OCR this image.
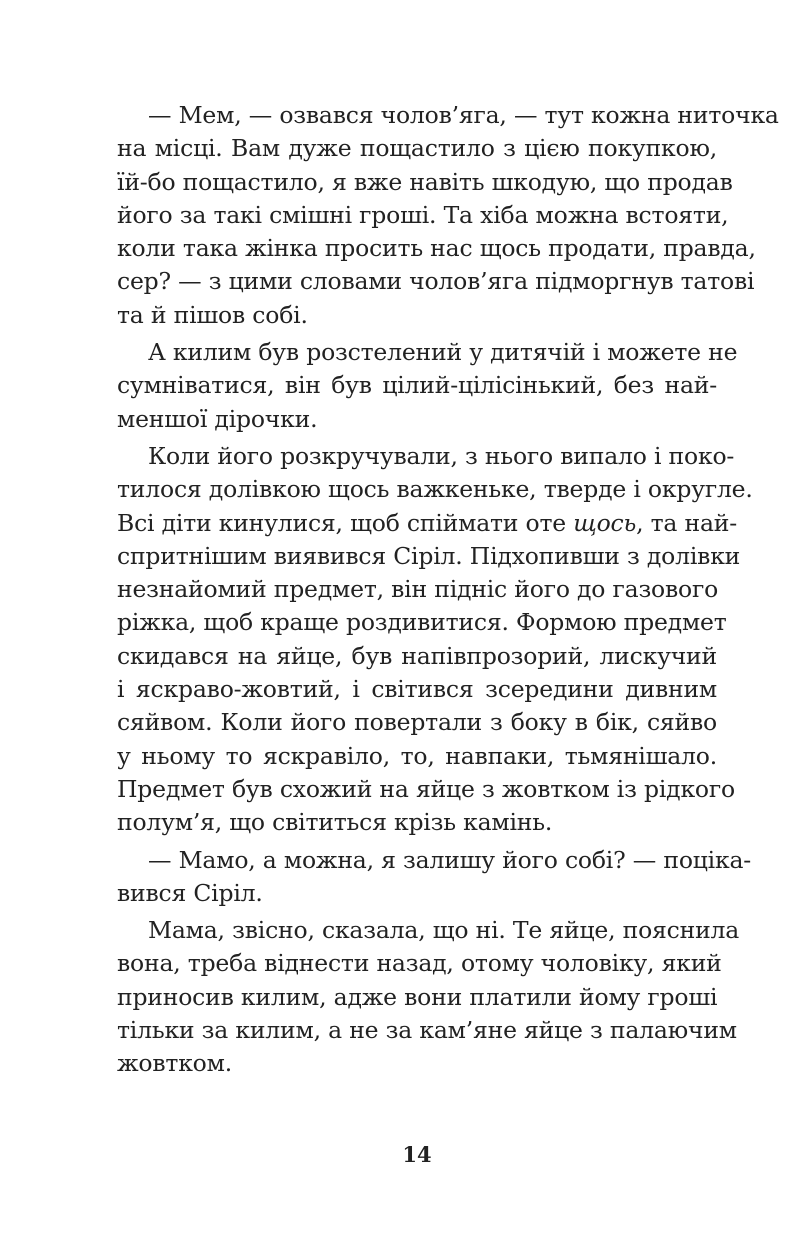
— Мем, — озвався чолов’яга, — тут кожна ниточка
на місці. Вам дуже пощастило з цією покупкою,
їй-бо пощастило, я вже навіть шкодую, що продав
його за такі смішні гроші. Та хіба можна встояти,
коли така жінка просить нас щось продати, правда,
сер? — з цими словами чолов’яга підморгнув татові
та й пішов собі.
А килим був розстелений у дитячій і можете не
сумніватися, він був цілий-цілісінький, без най-
меншої дірочки.
Коли його розкручували, з нього випало і поко-
тилося долівкою щось важкеньке, тверде і округле.
Всі діти кинулися, щоб спіймати оте щось, та най-
спритнішим виявився Сіріл. Підхопивши з долівки
незнайомий предмет, він підніс його до газового
ріжка, щоб краще роздивитися. Формою предмет
скидався на яйце, був напівпрозорий, лискучий
і яскраво-жовтий, і світився зсередини дивним
сяйвом. Коли його повертали з боку в бік, сяйво
у ньому то яскравіло, то, навпаки, тьмянішало.
Предмет був схожий на яйце з жовтком із рідкого
полум’я, що світиться крізь камінь.
— Мамо, а можна, я залишу його собі? — поціка-
вився Сіріл.
Мама, звісно, сказала, що ні. Те яйце, пояснила
вона, треба віднести назад, отому чоловіку, який
приносив килим, адже вони платили йому гроші
тільки за килим, а не за кам’яне яйце з палаючим
жовтком.
14
